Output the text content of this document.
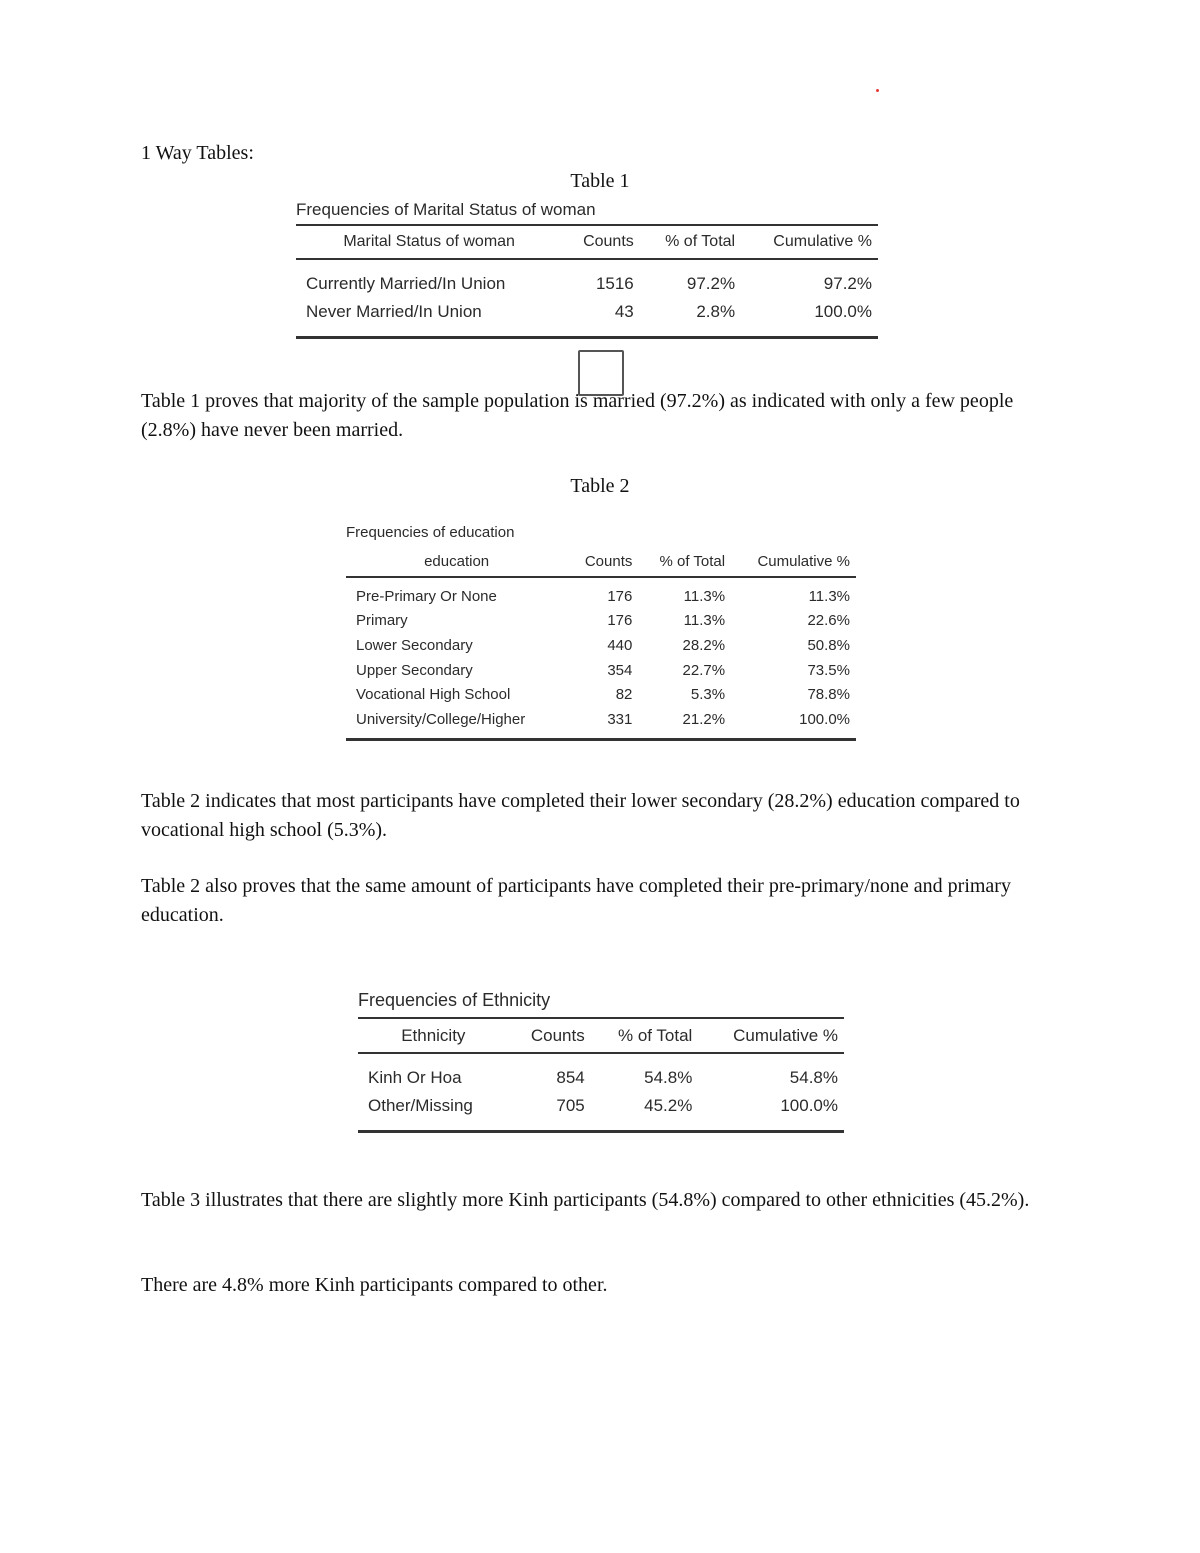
1 Way Tables:
Table 1
Frequencies of Marital Status of woman
Marital Status of woman	Counts	% of Total	Cumulative %
Currently Married/In Union	1516	97.2%	97.2%
Never Married/In Union	43	2.8%	100.0%

Table 1 proves that majority of the sample population is married (97.2%) as indicated with only a few people (2.8%) have never been married.

Table 2
Frequencies of education
education	Counts	% of Total	Cumulative %
Pre-Primary Or None	176	11.3%	11.3%
Primary	176	11.3%	22.6%
Lower Secondary	440	28.2%	50.8%
Upper Secondary	354	22.7%	73.5%
Vocational High School	82	5.3%	78.8%
University/College/Higher	331	21.2%	100.0%

Table 2 indicates that most participants have completed their lower secondary (28.2%) education compared to vocational high school (5.3%).

Table 2 also proves that the same amount of participants have completed their pre-primary/none and primary education.

Frequencies of Ethnicity
Ethnicity	Counts	% of Total	Cumulative %
Kinh Or Hoa	854	54.8%	54.8%
Other/Missing	705	45.2%	100.0%

Table 3 illustrates that there are slightly more Kinh participants (54.8%) compared to other ethnicities (45.2%).

There are 4.8% more Kinh participants compared to other.
